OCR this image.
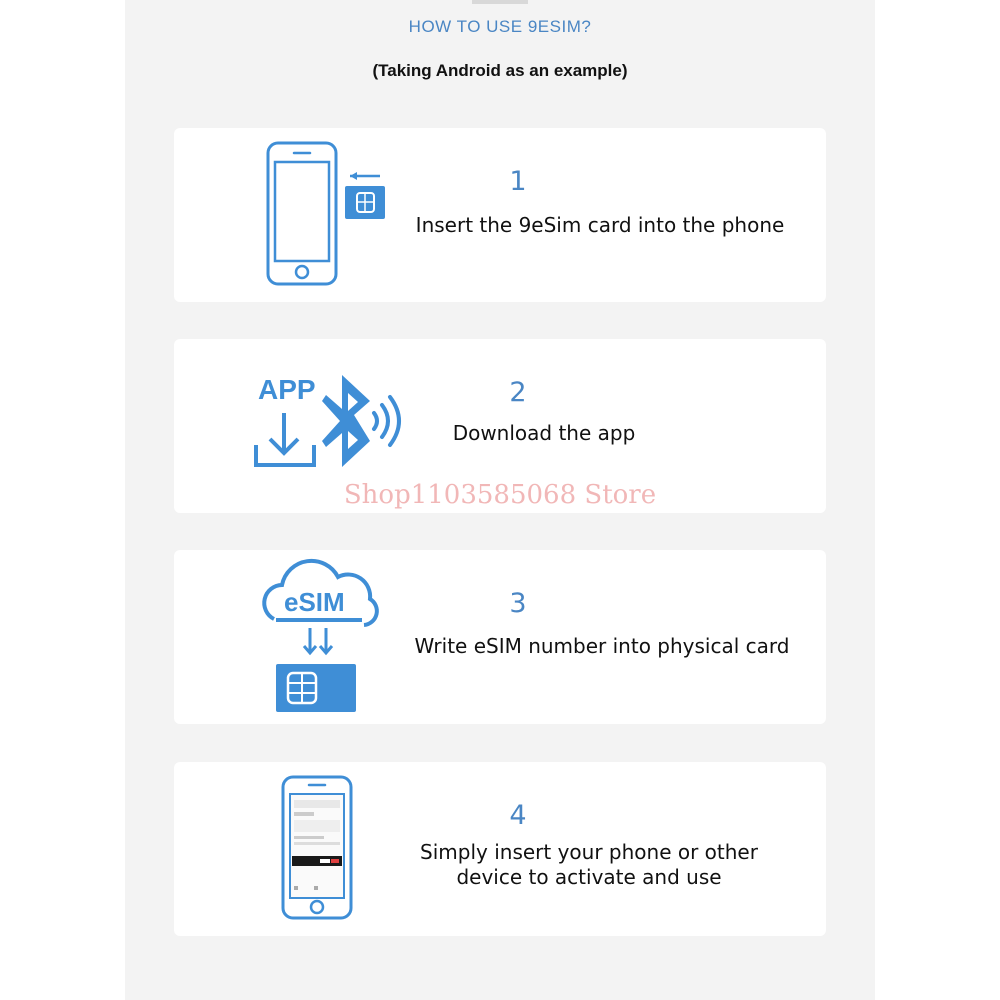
HOW TO USE 9ESIM?
(Taking Android as an example)
1
Insert the 9eSim card into the phone
APP	2
Download the app
eSIM	3
Write eSIM number into physical card
4
Simply insert your phone or other device to activate and use
Shop1103585068 Store
